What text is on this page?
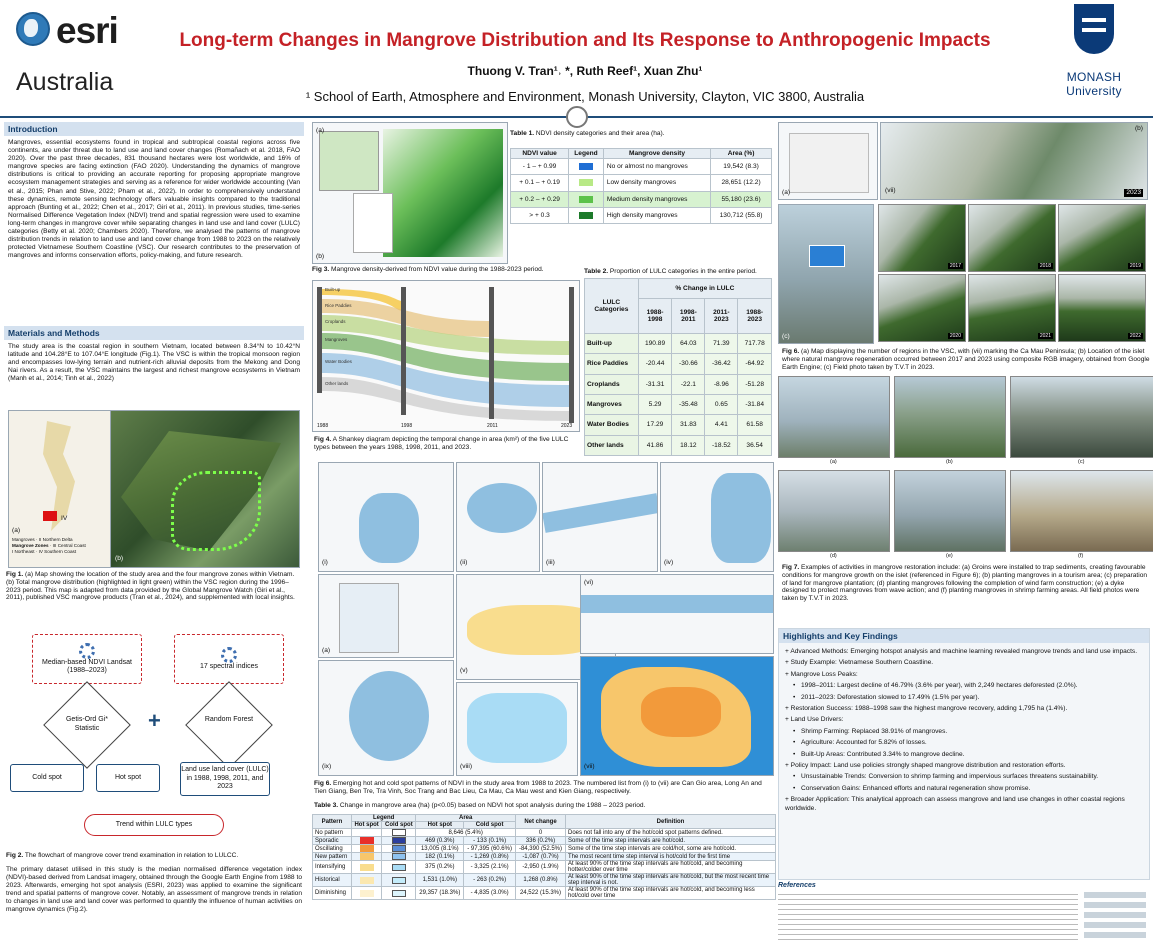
esri
Australia
Long-term Changes in Mangrove Distribution and Its Response to Anthropogenic Impacts
Thuong V. Tran¹˒ *, Ruth Reef¹, Xuan Zhu¹
¹ School of Earth, Atmosphere and Environment, Monash University, Clayton, VIC 3800, Australia
MONASH University
Introduction
Mangroves, essential ecosystems found in tropical and subtropical coastal regions across five continents, are under threat due to land use and land cover changes (Romañach et al. 2018, FAO 2020). Over the past three decades, 831 thousand hectares were lost worldwide, and 16% of mangrove species are facing extinction (FAO 2020). Understanding the dynamics of mangrove distributions is critical to providing an accurate reporting for proposing appropriate mangrove ecosystem management strategies and serving as a reference for wider worldwide accounting (Van et al., 2015; Phan and Stive, 2022; Pham et al., 2022). In order to comprehensively understand these dynamics, remote sensing technology offers valuable insights compared to the traditional approach (Bunting et al., 2022; Chen et al., 2017; Giri et al., 2011). In previous studies, time-series Normalised Difference Vegetation Index (NDVI) trend and spatial regression were used to examine long-term changes in mangrove cover while separating changes in land use and land cover (LULC) categories (Betty et al. 2020; Chambers 2020). Therefore, we analysed the patterns of mangrove distribution trends in relation to land use and land cover change from 1988 to 2023 on the relatively protected Vietnamese Southern Coastline (VSC). Our research contributes to the preservation of mangroves and informs conservation efforts, policy-making, and future research.
Materials and Methods
The study area is the coastal region in southern Vietnam, located between 8.34°N to 10.42°N latitude and 104.28°E to 107.04°E longitude (Fig.1). The VSC is within the tropical monsoon region and encompasses low-lying terrain and nutrient-rich alluvial deposits from the Mekong and Dong Nai rivers. As a result, the VSC maintains the largest and richest mangrove ecosystems in Vietnam (Manh et al., 2014; Tinh et al., 2022)
IV
(a)
Mangroves · II Northern Delta
Mangrove Zones · III Central Coast
I Northeast · IV Southern Coast
(b)
Fig 1. (a) Map showing the location of the study area and the four mangrove zones within Vietnam. (b) Total mangrove distribution (highlighted in light green) within the VSC region during the 1996–2023 period. This map is adapted from data provided by the Global Mangrove Watch (Giri et al., 2011), published VSC mangrove products (Tran et al., 2024), and supplemented with local insights.
Median-based NDVI Landsat (1988–2023)
17 spectral indices
Getis-Ord Gi* Statistic	+	Random Forest
Cold spot	Hot spot
Land use land cover (LULC) in 1988, 1998, 2011, and 2023
Trend within LULC types
Fig 2. The flowchart of mangrove cover trend examination in relation to LULCC.
The primary dataset utilised in this study is the median normalised difference vegetation index (NDVI)-based derived from Landsat imagery, obtained through the Google Earth Engine from 1988 to 2023. Afterwards, emerging hot spot analysis (ESRI, 2023) was applied to examine the significant trend and spatial patterns of mangrove cover. Notably, an assessment of mangrove trends in relation to changes in land use and land cover was performed to quantify the influence of human activities on mangrove dynamics (Fig.2).
(a)
(b)
Fig 3. Mangrove density-derived from NDVI value during the 1988-2023 period.
Table 1. NDVI density categories and their area (ha).
NDVI value	Legend	Mangrove density	Area (%)
- 1 – + 0.99		No or almost no mangroves	19,542 (8.3)
+ 0.1 – + 0.19		Low density mangroves	28,651 (12.2)
+ 0.2 – + 0.29		Medium density mangroves	55,180 (23.6)
> + 0.3		High density mangroves	130,712 (55.8)
1988	1998	2011	2023
Built-up
Rice Paddies
Croplands
Mangroves
Water Bodies
Other lands
Fig 4. A Shankey diagram depicting the temporal change in area (km²) of the five LULC types between the years 1988, 1998, 2011, and 2023.
Table 2. Proportion of LULC categories in the entire period.
LULC Categories	% Change in LULC			
	1988-1998	1998-2011	2011-2023	1988-2023
Built-up	190.89	64.03	71.39	717.78
Rice Paddies	-20.44	-30.66	-36.42	-64.92
Croplands	-31.31	-22.1	-8.96	-51.28
Mangroves	5.29	-35.48	0.65	-31.84
Water Bodies	17.29	31.83	4.41	61.58
Other lands	41.86	18.12	-18.52	36.54
(i)	(ii)	(iii)	(iv)
(a)
(v)
(vi)
(ix)	(viii)	(vii)
Fig 6. Emerging hot and cold spot patterns of NDVI in the study area from 1988 to 2023. The numbered list from (i) to (vii) are Can Gio area, Long An and Tien Giang, Ben Tre, Tra Vinh, Soc Trang and Bac Lieu, Ca Mau, Ca Mau west and Kien Giang, respectively.
Table 3. Change in mangrove area (ha) (p<0.05) based on NDVI hot spot analysis during the 1988 – 2023 period.
Pattern	Legend		Area		Net change	Definition
	Hot spot	Cold spot	Hot spot	Cold spot		
No pattern			8,646 (5.4%)		0	Does not fall into any of the hot/cold spot patterns defined.
Sporadic			469 (0.3%)	- 133 (0.1%)	336 (0.2%)	Some of the time step intervals are hot/cold.
Oscillating			13,005 (8.1%)	- 97,395 (60.6%)	-84,390 (52.5%)	Some of the time step intervals are cold/hot, some are hot/cold.
New pattern			182 (0.1%)	- 1,269 (0.8%)	-1,087 (0.7%)	The most recent time step interval is hot/cold for the first time
Intensifying			375 (0.2%)	- 3,325 (2.1%)	-2,950 (1.9%)	At least 90% of the time step intervals are hot/cold, and becoming hotter/colder over time
Historical			1,531 (1.0%)	- 263 (0.2%)	1,268 (0.8%)	At least 90% of the time step intervals are hot/cold, but the most recent time step interval is not.
Diminishing			29,357 (18.3%)	- 4,835 (3.0%)	24,522 (15.3%)	At least 90% of the time step intervals are hot/cold, and becoming less hot/cold over time
(a)	(vii)
(b)
2023
(c)
2017	2018	2019
2020	2021	2022
Fig 6. (a) Map displaying the number of regions in the VSC, with (vii) marking the Ca Mau Peninsula; (b) Location of the islet where natural mangrove regeneration occurred between 2017 and 2023 using composite RGB imagery, obtained from Google Earth Engine; (c) Field photo taken by T.V.T in 2023.
(a)	(b)	(c)
(d)	(e)	(f)
Fig 7. Examples of activities in mangrove restoration include: (a) Groins were installed to trap sediments, creating favourable conditions for mangrove growth on the islet (referenced in Figure 6); (b) planting mangroves in a tourism area; (c) preparation of land for mangrove plantation; (d) planting mangroves following the completion of wind farm construction; (e) a dyke designed to protect mangroves from wave action; and (f) planting mangroves in shrimp farming areas. All field photos were taken by T.V.T in 2023.
Highlights and Key Findings
+ Advanced Methods: Emerging hotspot analysis and machine learning revealed mangrove trends and land use impacts.
+ Study Example: Vietnamese Southern Coastline.
+ Mangrove Loss Peaks:
• 1998–2011: Largest decline of 46.79% (3.6% per year), with 2,249 hectares deforested (2.0%).
• 2011–2023: Deforestation slowed to 17.49% (1.5% per year).
+ Restoration Success: 1988–1998 saw the highest mangrove recovery, adding 1,795 ha (1.4%).
+ Land Use Drivers:
• Shrimp Farming: Replaced 38.91% of mangroves.
• Agriculture: Accounted for 5.82% of losses.
• Built-Up Areas: Contributed 3.34% to mangrove decline.
+ Policy Impact: Land use policies strongly shaped mangrove distribution and restoration efforts.
• Unsustainable Trends: Conversion to shrimp farming and impervious surfaces threatens sustainability.
• Conservation Gains: Enhanced efforts and natural regeneration show promise.
+ Broader Application: This analytical approach can assess mangrove and land use changes in other coastal regions worldwide.
References
